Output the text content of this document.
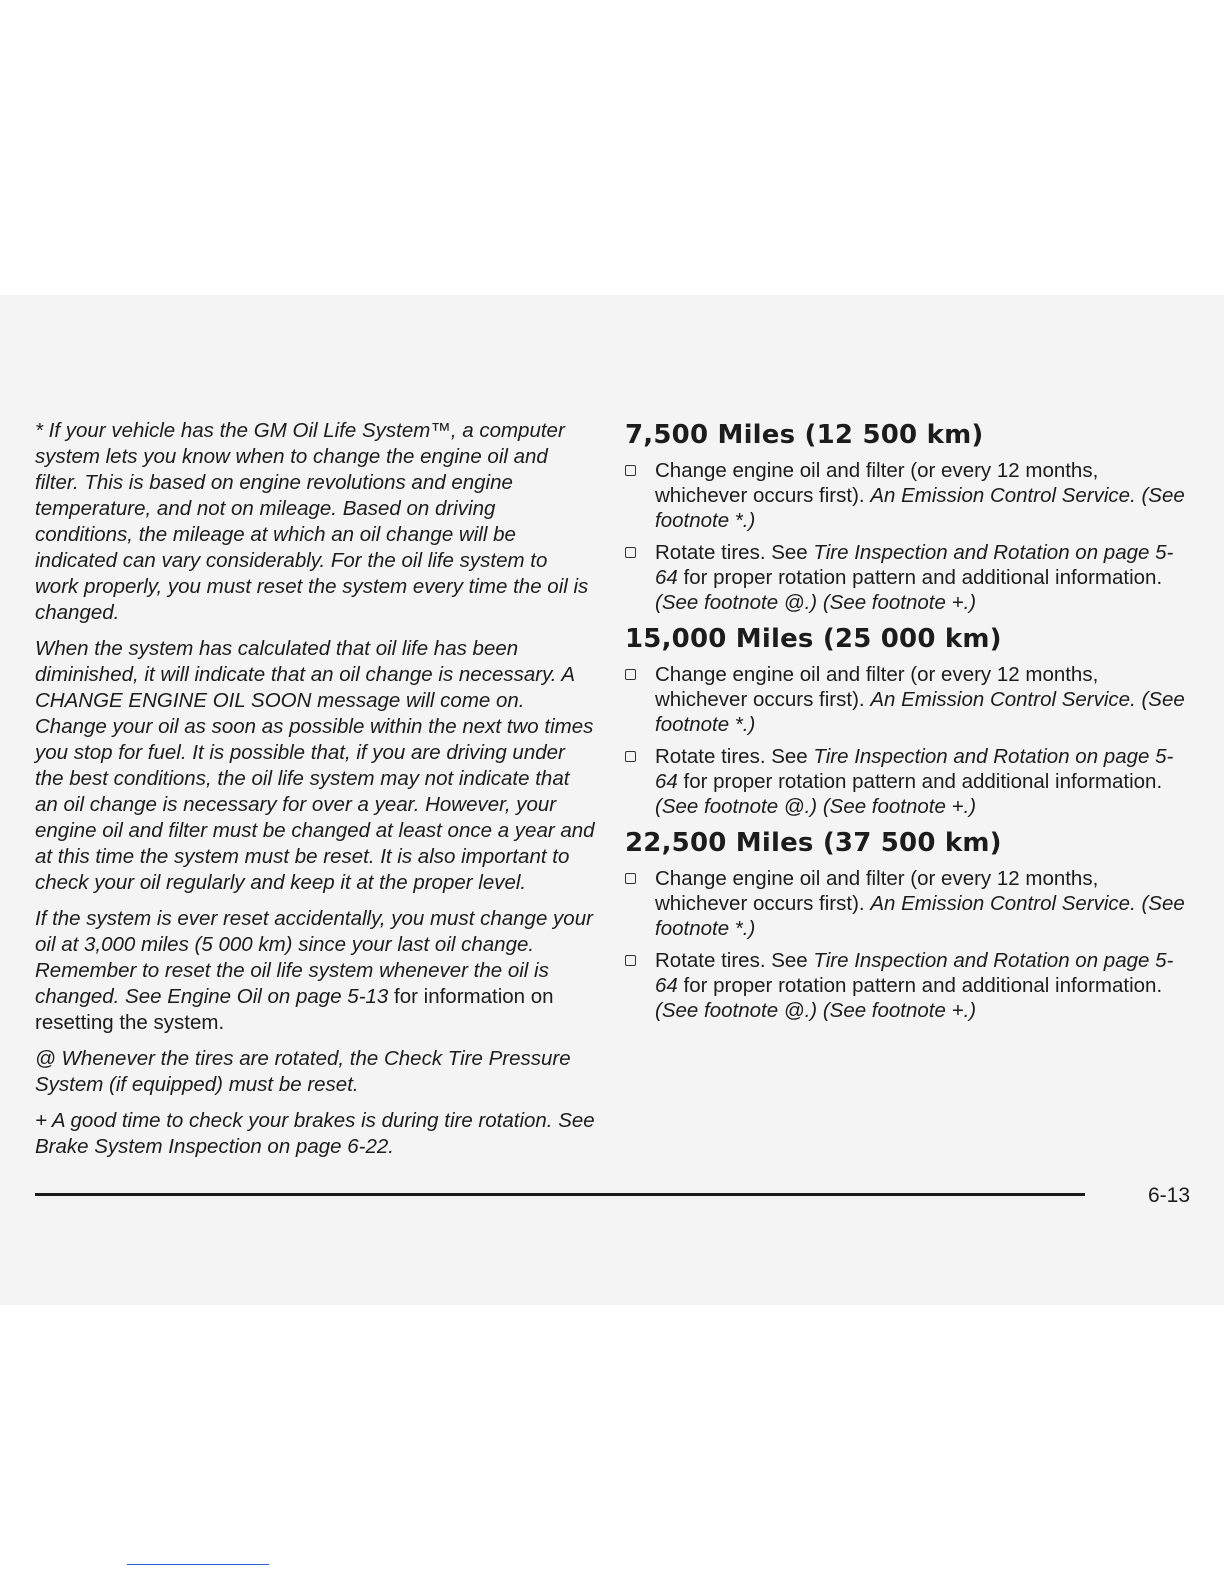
* If your vehicle has the GM Oil Life System™, a computer system lets you know when to change the engine oil and filter. This is based on engine revolutions and engine temperature, and not on mileage. Based on driving conditions, the mileage at which an oil change will be indicated can vary considerably. For the oil life system to work properly, you must reset the system every time the oil is changed.

When the system has calculated that oil life has been diminished, it will indicate that an oil change is necessary. A CHANGE ENGINE OIL SOON message will come on. Change your oil as soon as possible within the next two times you stop for fuel. It is possible that, if you are driving under the best conditions, the oil life system may not indicate that an oil change is necessary for over a year. However, your engine oil and filter must be changed at least once a year and at this time the system must be reset. It is also important to check your oil regularly and keep it at the proper level.

If the system is ever reset accidentally, you must change your oil at 3,000 miles (5 000 km) since your last oil change. Remember to reset the oil life system whenever the oil is changed. See Engine Oil on page 5-13 for information on resetting the system.

@ Whenever the tires are rotated, the Check Tire Pressure System (if equipped) must be reset.

+ A good time to check your brakes is during tire rotation. See Brake System Inspection on page 6-22.

7,500 Miles (12 500 km)
Change engine oil and filter (or every 12 months, whichever occurs first). An Emission Control Service. (See footnote *.)
Rotate tires. See Tire Inspection and Rotation on page 5-64 for proper rotation pattern and additional information. (See footnote @.) (See footnote +.)
15,000 Miles (25 000 km)
Change engine oil and filter (or every 12 months, whichever occurs first). An Emission Control Service. (See footnote *.)
Rotate tires. See Tire Inspection and Rotation on page 5-64 for proper rotation pattern and additional information. (See footnote @.) (See footnote +.)
22,500 Miles (37 500 km)
Change engine oil and filter (or every 12 months, whichever occurs first). An Emission Control Service. (See footnote *.)
Rotate tires. See Tire Inspection and Rotation on page 5-64 for proper rotation pattern and additional information. (See footnote @.) (See footnote +.)
6-13
